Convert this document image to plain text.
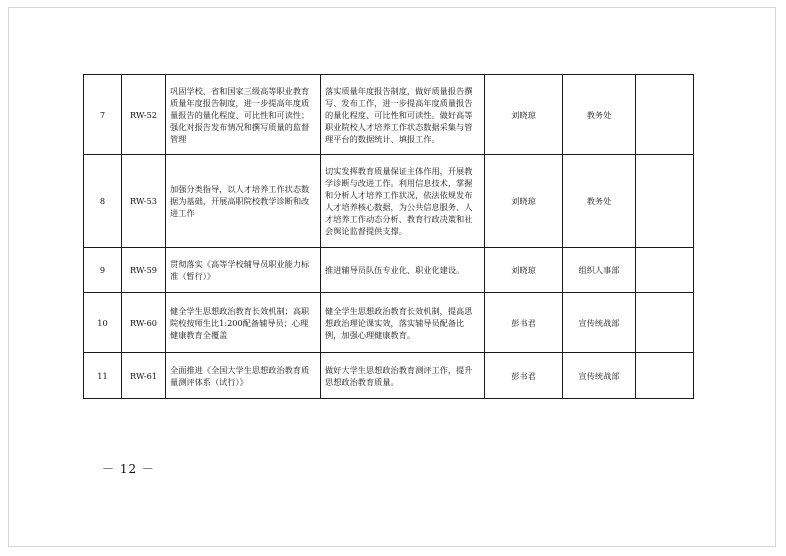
7	RW-52	巩固学校、省和国家三级高等职业教育质量年度报告制度，进一步提高年度质量报告的量化程度、可比性和可读性；强化对报告发布情况和撰写质量的监督管理	落实质量年度报告制度，做好质量报告撰写、发布工作，进一步提高年度质量报告的量化程度、可比性和可读性。做好高等职业院校人才培养工作状态数据采集与管理平台的数据统计、填报工作。	刘晓琼	教务处	
8	RW-53	加强分类指导，以人才培养工作状态数据为基础，开展高职院校教学诊断和改进工作	切实发挥教育质量保证主体作用，开展教学诊断与改进工作。利用信息技术，掌握和分析人才培养工作状况，依法依规发布人才培养核心数据，为公共信息服务、人才培养工作动态分析、教育行政决策和社会舆论监督提供支撑。	刘晓琼	教务处	
9	RW-59	贯彻落实《高等学校辅导员职业能力标准（暂行）》	推进辅导员队伍专业化、职业化建设。	刘晓琼	组织人事部	
10	RW-60	健全学生思想政治教育长效机制；高职院校按师生比1:200配备辅导员；心理健康教育全覆盖	健全学生思想政治教育长效机制，提高思想政治理论课实效，落实辅导员配备比例，加强心理健康教育。	彭书君	宣传统战部	
11	RW-61	全面推进《全国大学生思想政治教育质量测评体系（试行）》	做好大学生思想政治教育测评工作，提升思想政治教育质量。	彭书君	宣传统战部	
－ 12 －
